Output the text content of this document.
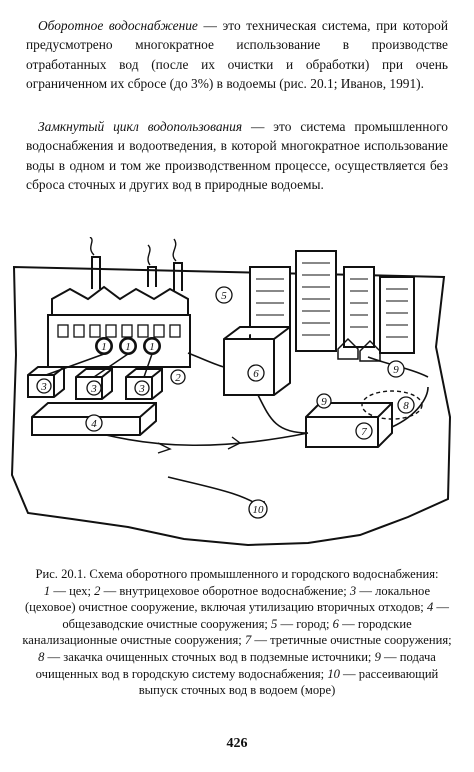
Оборотное водоснабжение — это техническая система, при которой предусмотрено многократное использование в производстве отработанных вод (после их очистки и обработки) при очень ограниченном их сбросе (до 3%) в водоемы (рис. 20.1; Иванов, 1991).

Замкнутый цикл водопользования — это система промышленного водоснабжения и водоотведения, в которой многократное использование воды в одном и том же производственном процессе, осуществляется без сброса сточных и других вод в природные водоемы.

1 1 1
3	3	3
2
4
5
6
7
8
9
9
10

Рис. 20.1. Схема оборотного промышленного и городского водоснабжения:
1 — цех; 2 — внутрицеховое оборотное водоснабжение; 3 — локальное (цеховое) очистное сооружение, включая утилизацию вторичных отходов; 4 — общезаводские очистные сооружения; 5 — город; 6 — городские канализационные очистные сооружения; 7 — третичные очистные сооружения; 8 — закачка очищенных сточных вод в подземные источники; 9 — подача очищенных вод в городскую систему водоснабжения; 10 — рассеивающий выпуск сточных вод в водоем (море)

426
